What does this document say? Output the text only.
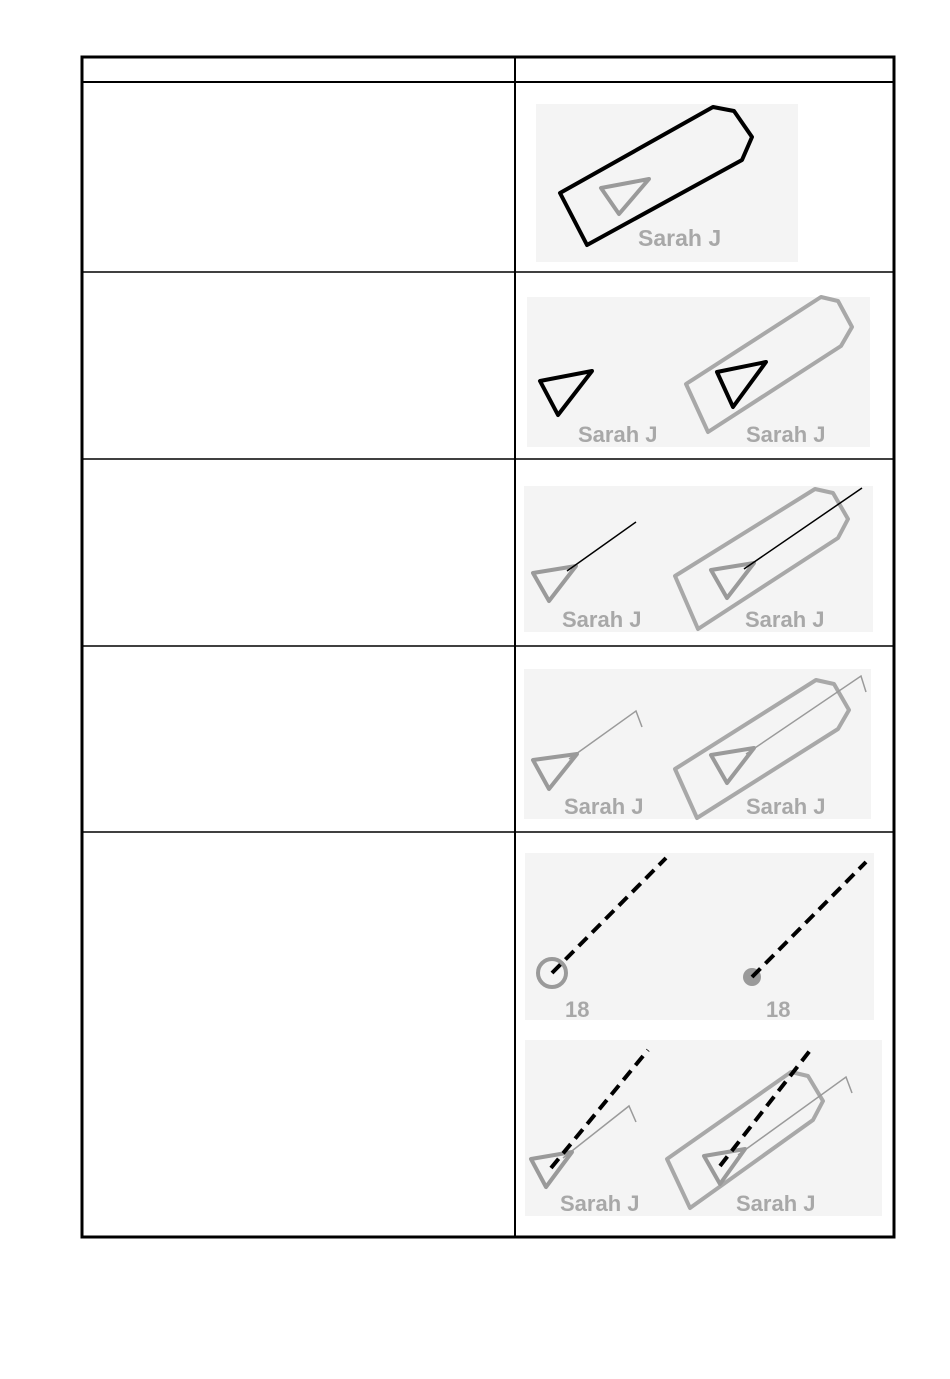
Sarah J
Sarah J	Sarah J
Sarah J	Sarah J
Sarah J	Sarah J
18	18
Sarah J	Sarah J
